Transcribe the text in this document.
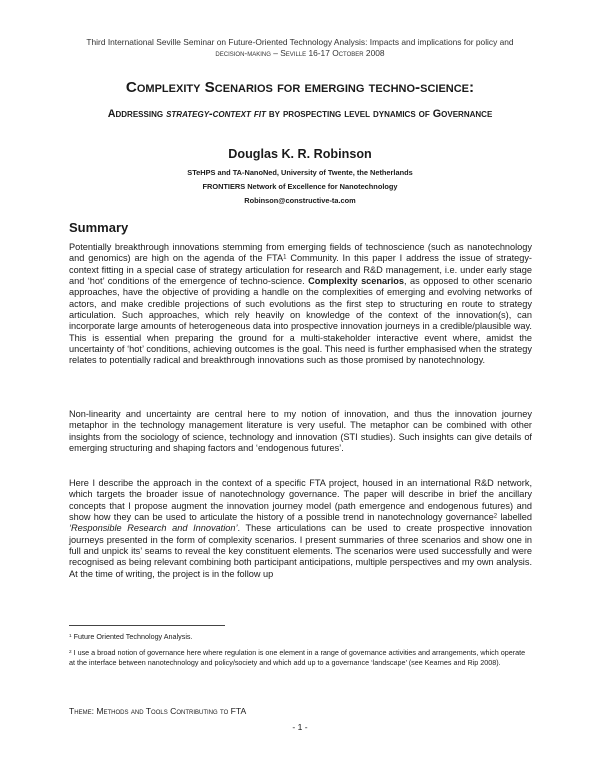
Third International Seville Seminar on Future-Oriented Technology Analysis: Impacts and implications for policy and
decision-making – Seville 16-17 October 2008
Complexity Scenarios for emerging techno-science:
Addressing strategy-context fit by prospecting level dynamics of Governance
Douglas K. R. Robinson
STeHPS and TA-NanoNed, University of Twente, the Netherlands
FRONTIERS Network of Excellence for Nanotechnology
Robinson@constructive-ta.com
Summary
Potentially breakthrough innovations stemming from emerging fields of technoscience (such as nanotechnology and genomics) are high on the agenda of the FTA$^1$ Community. In this paper I address the issue of strategy-context fitting in a special case of strategy articulation for research and R&D management, i.e. under early stage and ‘hot’ conditions of the emergence of techno-science. Complexity scenarios, as opposed to other scenario approaches, have the objective of providing a handle on the complexities of emerging and evolving networks of actors, and make credible projections of such evolutions as the first step to structuring en route to strategy articulation. Such approaches, which rely heavily on knowledge of the context of the innovation(s), can incorporate large amounts of heterogeneous data into prospective innovation journeys in a credible/plausible way. This is essential when preparing the ground for a multi-stakeholder interactive event where, amidst the uncertainty of ‘hot’ conditions, achieving outcomes is the goal. This need is further emphasised when the strategy relates to potentially radical and breakthrough innovations such as those promised by nanotechnology.
Non-linearity and uncertainty are central here to my notion of innovation, and thus the innovation journey metaphor in the technology management literature is very useful. The metaphor can be combined with other insights from the sociology of science, technology and innovation (STI studies). Such insights can give details of emerging structuring and shaping factors and ‘endogenous futures’.
Here I describe the approach in the context of a specific FTA project, housed in an international R&D network, which targets the broader issue of nanotechnology governance. The paper will describe in brief the ancillary concepts that I propose augment the innovation journey model (path emergence and endogenous futures) and show how they can be used to articulate the history of a possible trend in nanotechnology governance$^2$ labelled ‘Responsible Research and Innovation’. These articulations can be used to create prospective innovation journeys presented in the form of complexity scenarios. I present summaries of three scenarios and show one in full and unpick its’ seams to reveal the key constituent elements. The scenarios were used successfully and were recognised as being relevant combining both participant anticipations, multiple perspectives and my own analysis. At the time of writing, the project is in the follow up
$^1$ Future Oriented Technology Analysis.
$^2$ I use a broad notion of governance here where regulation is one element in a range of governance activities and arrangements, which operate at the interface between nanotechnology and policy/society and which add up to a governance ‘landscape’ (see Kearnes and Rip 2008).
Theme: Methods and Tools Contributing to FTA
- 1 -
